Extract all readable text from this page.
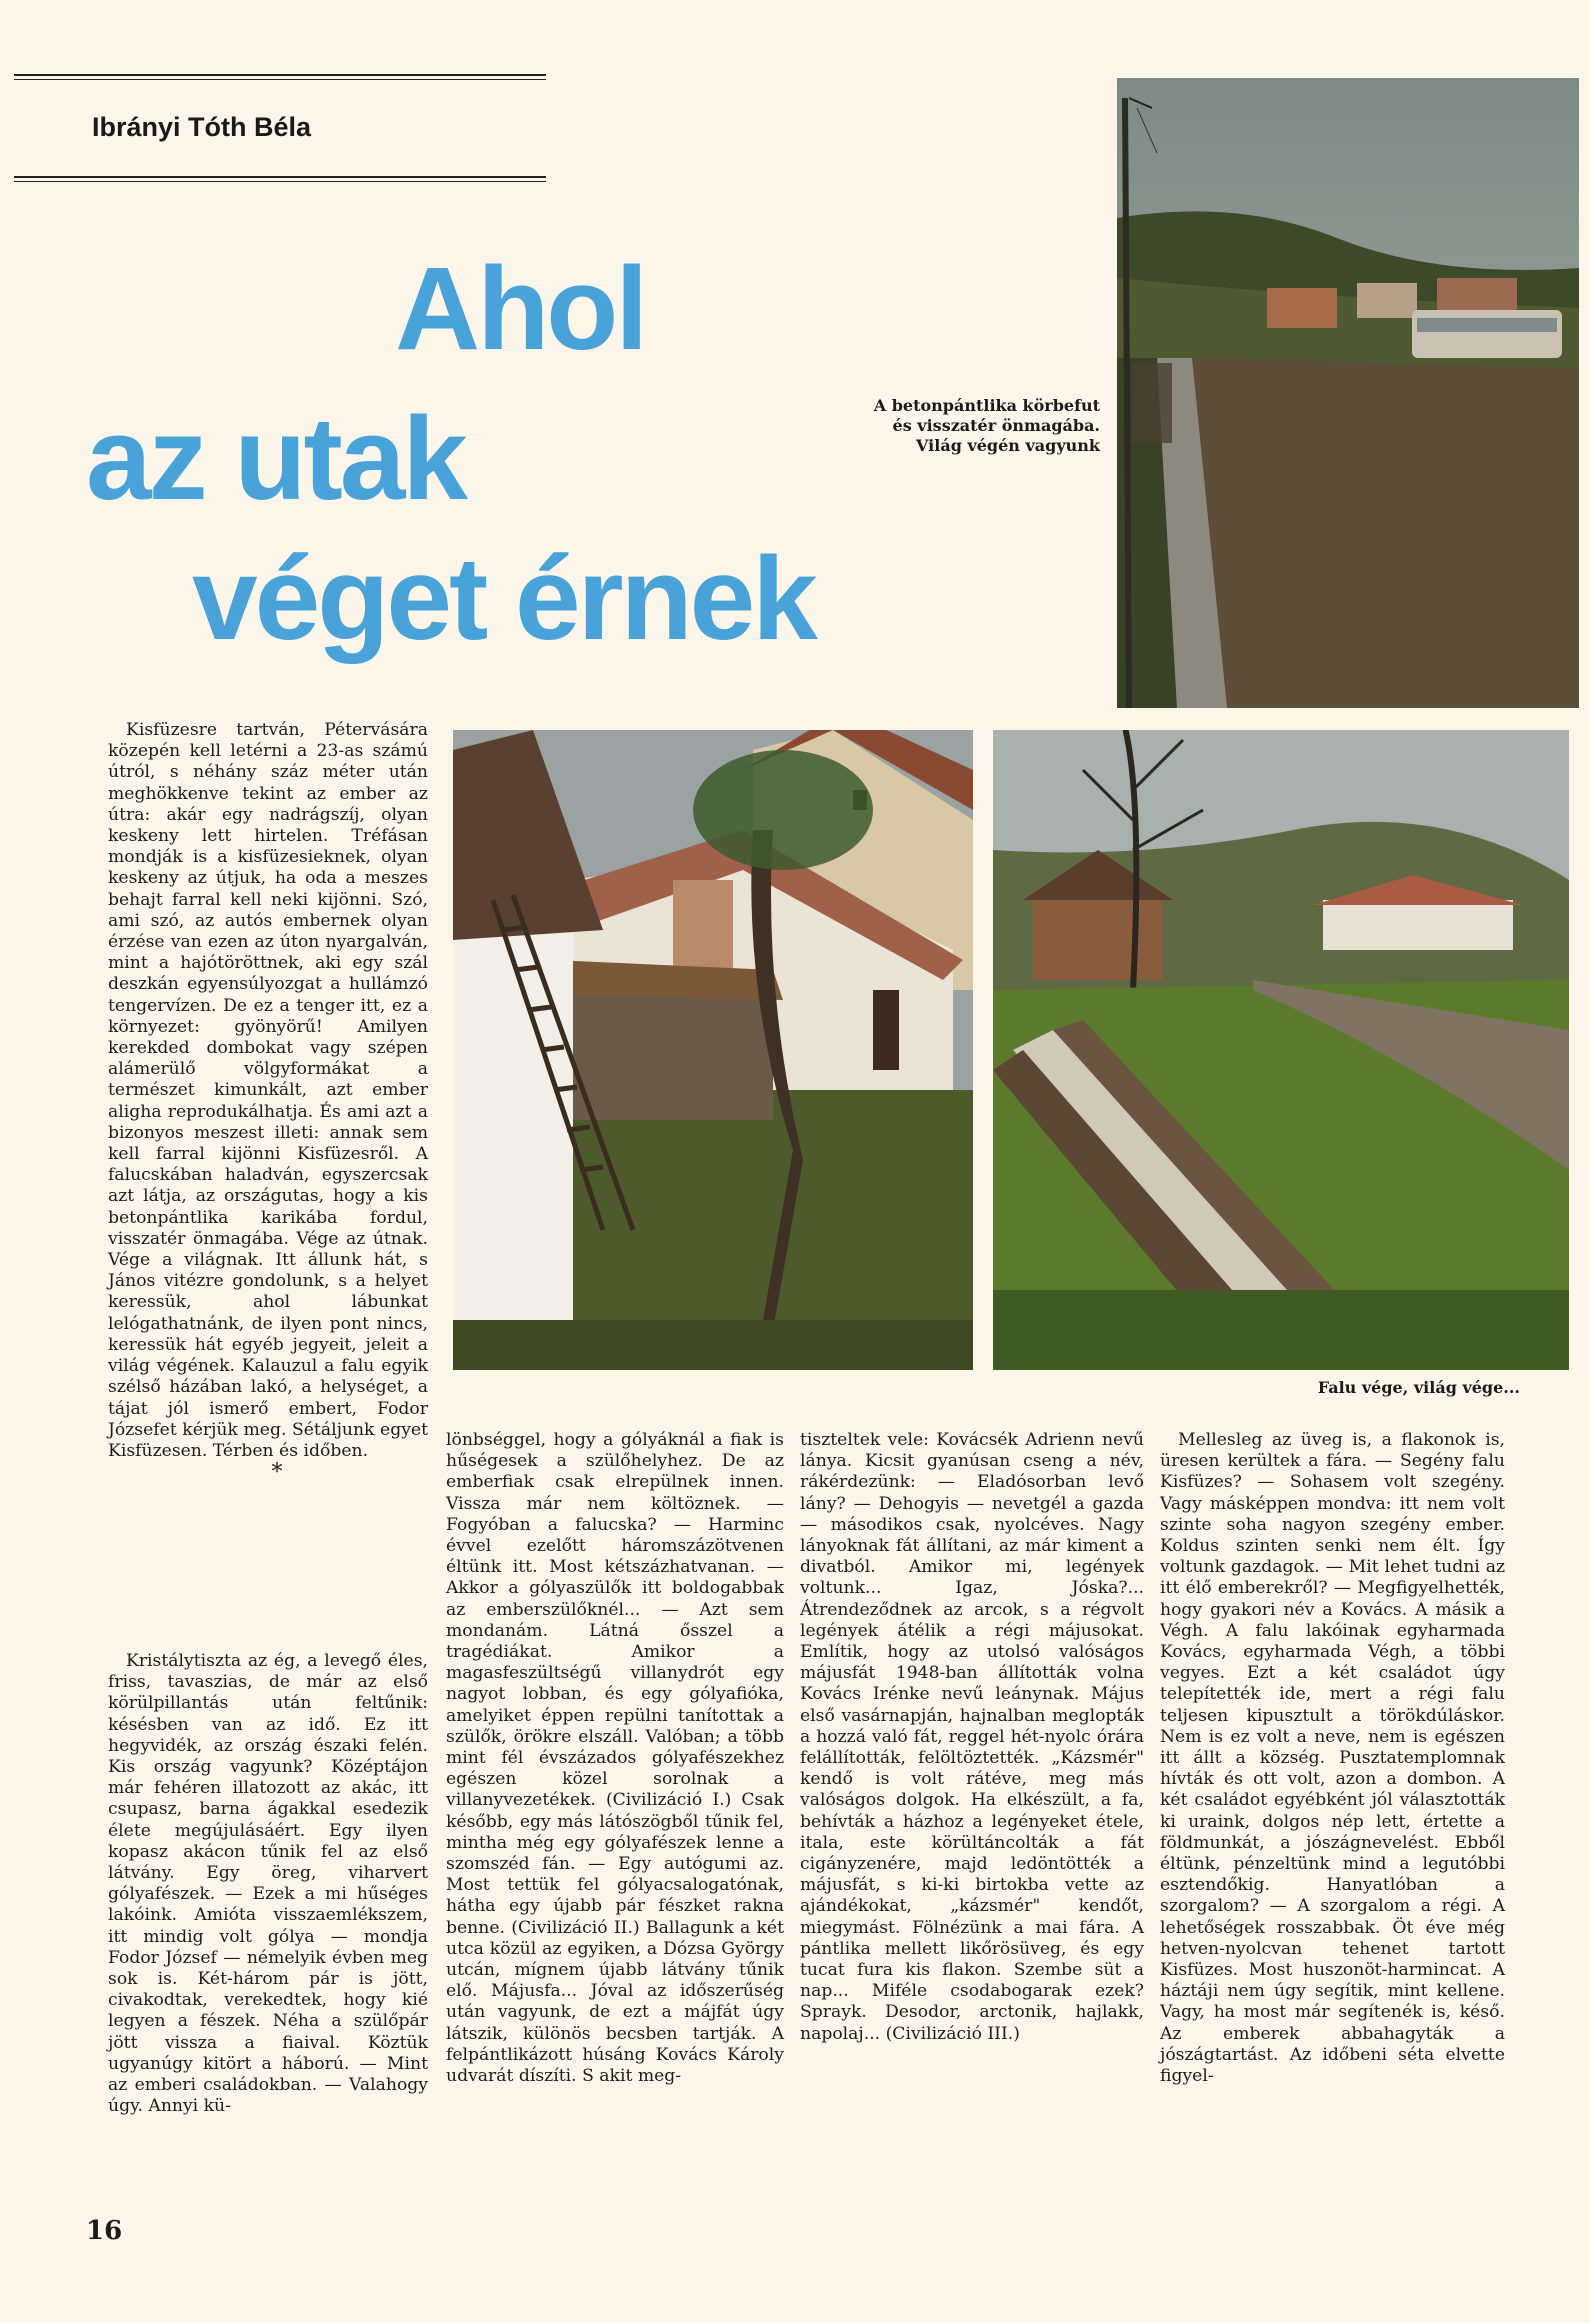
Ibrányi Tóth Béla
Ahol
az utak
véget érnek
A betonpántlika körbefut és visszatér önmagába. Világ végén vagyunk
Falu vége, világ vége...

Kisfüzesre tartván, Pétervására közepén kell letérni a 23-as számú útról, s néhány száz méter után meghökkenve tekint az ember az útra: akár egy nadrágszíj, olyan keskeny lett hirtelen. Tréfásan mondják is a kisfüzesieknek, olyan keskeny az útjuk, ha oda a meszes behajt farral kell neki kijönni. Szó, ami szó, az autós embernek olyan érzése van ezen az úton nyargalván, mint a hajótöröttnek, aki egy szál deszkán egyensúlyozgat a hullámzó tengervízen. De ez a tenger itt, ez a környezet: gyönyörű! Amilyen kerekded dombokat vagy szépen alámerülő völgyformákat a természet kimunkált, azt ember aligha reprodukálhatja. És ami azt a bizonyos meszest illeti: annak sem kell farral kijönni Kisfüzesről. A falucskában haladván, egyszercsak azt látja, az országutas, hogy a kis betonpántlika karikába fordul, visszatér önmagába. Vége az útnak. Vége a világnak. Itt állunk hát, s János vitézre gondolunk, s a helyet keressük, ahol lábunkat lelógathatnánk, de ilyen pont nincs, keressük hát egyéb jegyeit, jeleit a világ végének. Kalauzul a falu egyik szélső házában lakó, a helységet, a tájat jól ismerő embert, Fodor Józsefet kérjük meg. Sétáljunk egyet Kisfüzesen. Térben és időben.

*

Kristálytiszta az ég, a levegő éles, friss, tavaszias, de már az első körülpillantás után feltűnik: késésben van az idő. Ez itt hegyvidék, az ország északi felén. Kis ország vagyunk? Középtájon már fehéren illatozott az akác, itt csupasz, barna ágakkal esedezik élete megújulásáért. Egy ilyen kopasz akácon tűnik fel az első látvány. Egy öreg, viharvert gólyafészek. — Ezek a mi hűséges lakóink. Amióta visszaemlékszem, itt mindig volt gólya — mondja Fodor József — némelyik évben meg sok is. Két-három pár is jött, civakodtak, verekedtek, hogy kié legyen a fészek. Néha a szülőpár jött vissza a fiaival. Köztük ugyanúgy kitört a háború. — Mint az emberi családokban. — Valahogy úgy. Annyi kü-

lönbséggel, hogy a gólyáknál a fiak is hűségesek a szülőhelyhez. De az emberfiak csak elrepülnek innen. Vissza már nem költöznek. — Fogyóban a falucska? — Harminc évvel ezelőtt háromszázötvenen éltünk itt. Most kétszázhatvanan. — Akkor a gólyaszülők itt boldogabbak az emberszülőknél... — Azt sem mondanám. Látná ősszel a tragédiákat. Amikor a magasfeszültségű villanydrót egy nagyot lobban, és egy gólyafióka, amelyiket éppen repülni tanítottak a szülők, örökre elszáll. Valóban; a több mint fél évszázados gólyafészekhez egészen közel sorolnak a villanyvezetékek. (Civilizáció I.) Csak később, egy más látószögből tűnik fel, mintha még egy gólyafészek lenne a szomszéd fán. — Egy autógumi az. Most tettük fel gólyacsalogatónak, hátha egy újabb pár fészket rakna benne. (Civilizáció II.) Ballagunk a két utca közül az egyiken, a Dózsa György utcán, mígnem újabb látvány tűnik elő. Májusfa... Jóval az időszerűség után vagyunk, de ezt a májfát úgy látszik, különös becsben tartják. A felpántlikázott húsáng Kovács Károly udvarát díszíti. S akit meg-

tiszteltek vele: Kovácsék Adrienn nevű lánya. Kicsit gyanúsan cseng a név, rákérdezünk: — Eladósorban levő lány? — Dehogyis — nevetgél a gazda — másodikos csak, nyolcéves. Nagy lányoknak fát állítani, az már kiment a divatból. Amikor mi, legények voltunk... Igaz, Jóska?... Átrendeződnek az arcok, s a régvolt legények átélik a régi májusokat. Említik, hogy az utolsó valóságos májusfát 1948-ban állították volna Kovács Irénke nevű leánynak. Május első vasárnapján, hajnalban meglopták a hozzá való fát, reggel hét-nyolc órára felállították, felöltöztették. „Kázsmér" kendő is volt rátéve, meg más valóságos dolgok. Ha elkészült, a fa, behívták a házhoz a legényeket étele, itala, este körültáncolták a fát cigányzenére, majd ledöntötték a májusfát, s ki-ki birtokba vette az ajándékokat, „kázsmér" kendőt, miegymást. Fölnézünk a mai fára. A pántlika mellett likőrösüveg, és egy tucat fura kis flakon. Szembe süt a nap... Miféle csodabogarak ezek? Sprayk. Desodor, arctonik, hajlakk, napolaj... (Civilizáció III.)

Mellesleg az üveg is, a flakonok is, üresen kerültek a fára. — Segény falu Kisfüzes? — Sohasem volt szegény. Vagy másképpen mondva: itt nem volt szinte soha nagyon szegény ember. Koldus szinten senki nem élt. Így voltunk gazdagok. — Mit lehet tudni az itt élő emberekről? — Megfigyelhették, hogy gyakori név a Kovács. A másik a Végh. A falu lakóinak egyharmada Kovács, egyharmada Végh, a többi vegyes. Ezt a két családot úgy telepítették ide, mert a régi falu teljesen kipusztult a törökdúláskor. Nem is ez volt a neve, nem is egészen itt állt a község. Pusztatemplomnak hívták és ott volt, azon a dombon. A két családot egyébként jól választották ki uraink, dolgos nép lett, értette a földmunkát, a jószágnevelést. Ebből éltünk, pénzeltünk mind a legutóbbi esztendőkig. Hanyatlóban a szorgalom? — A szorgalom a régi. A lehetőségek rosszabbak. Öt éve még hetven-nyolcvan tehenet tartott Kisfüzes. Most huszonöt-harmincat. A háztáji nem úgy segítik, mint kellene. Vagy, ha most már segítenék is, késő. Az emberek abbahagyták a jószágtartást. Az időbeni séta elvette figyel-

16
